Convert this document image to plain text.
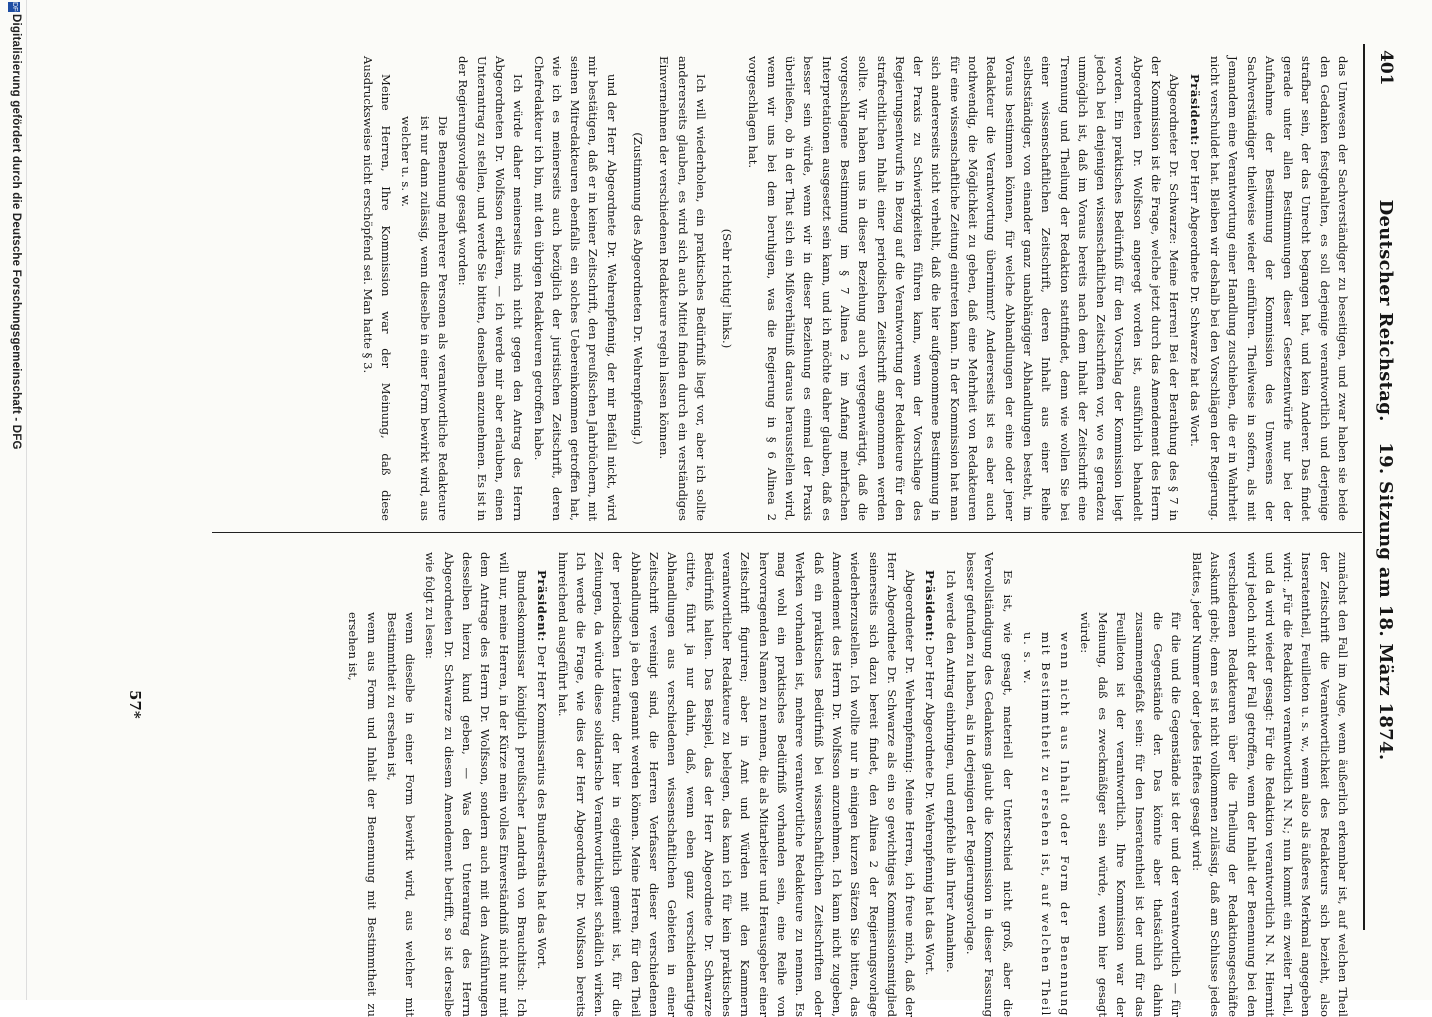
401
Deutscher Reichstag. 19. Sitzung am 18. März 1874.

das Umwesen der Sachverständiger zu beseitigen, und zwar haben sie beide den Gedanken festgehalten, es soll derjenige verantwortlich und derjenige strafbar sein, der das Unrecht begangen hat, und kein Anderer. Das findet gerade unter allen Bestimmungen dieser Gesetzentwürfe nur bei der Aufnahme der Bestimmung der Kommission des Umwesens der Sachverständiger theilweise wieder einführen. Theilweise in sofern, als mit Jemandem eine Verantwortung einer Handlung zuschieben, die er in Wahrheit nicht verschuldet hat. Bleiben wir deshalb bei den Vorschlägen der Regierung.

Präsident: Der Herr Abgeordnete Dr. Schwarze hat das Wort.

Abgeordneter Dr. Schwarze: Meine Herren! Bei der Berathung des § 7 in der Kommission ist die Frage, welche jetzt durch das Amendement des Herrn Abgeordneten Dr. Wolfsson angeregt worden ist, ausführlich behandelt worden. Ein praktisches Bedürfniß für den Vorschlag der Kommission liegt jedoch bei denjenigen wissenschaftlichen Zeitschriften vor, wo es geradezu unmöglich ist, daß im Voraus bereits nach dem Inhalt der Zeitschrift eine Trennung und Theilung der Redaktion stattfindet, denn wie wollen Sie bei einer wissenschaftlichen Zeitschrift, deren Inhalt aus einer Reihe selbstständiger, von einander ganz unabhängiger Abhandlungen besteht, im Voraus bestimmen können, für welche Abhandlungen der eine oder jener Redakteur die Verantwortung übernimmt? Andererseits ist es aber auch nothwendig, die Möglichkeit zu geben, daß eine Mehrheit von Redakteuren für eine wissenschaftliche Zeitung eintreten kann. In der Kommission hat man sich andererseits nicht verhehlt, daß die hier aufgenommene Bestimmung in der Praxis zu Schwierigkeiten führen kann, wenn der Vorschlage des Regierungsentwurfs in Bezug auf die Verantwortung der Redakteure für den strafrechtlichen Inhalt einer periodischen Zeitschrift angenommen werden sollte. Wir haben uns in dieser Beziehung auch vergegenwärtigt, daß die vorgeschlagene Bestimmung im § 7 Alinea 2 im Anfang mehrfachen Interpretationen ausgesetzt sein kann, und ich möchte daher glauben, daß es besser sein würde, wenn wir in dieser Beziehung es einmal der Praxis überließen, ob in der That sich ein Mißverhältniß daraus herausstellen wird, wenn wir uns bei dem beruhigen, was die Regierung in § 6 Alinea 2 vorgeschlagen hat.

(Sehr richtig! links.)

Ich will wiederholen, ein praktisches Bedürfniß liegt vor, aber ich sollte andererseits glauben, es wird sich auch Mittel finden durch ein verständiges Einvernehmen der verschiedenen Redakteure regeln lassen können.

(Zustimmung des Abgeordneten Dr. Wehrenpfennig.)

und der Herr Abgeordnete Dr. Wehrenpfennig, der mir Beifall nickt, wird mir bestätigen, daß er in keiner Zeitschrift, den preußischen Jahrbüchern, mit seinen Mitredakteuren ebenfalls ein solches Uebereinkommen getroffen hat, wie ich es meinerseits auch bezüglich der juristischen Zeitschrift, deren Chefredakteur ich bin, mit den übrigen Redakteuren getroffen habe.

Ich würde daher meinerseits mich nicht gegen den Antrag des Herrn Abgeordneten Dr. Wolfsson erklären, — ich werde mir aber erlauben, einen Unterantrag zu stellen, und werde Sie bitten, denselben anzunehmen. Es ist in der Regierungsvorlage gesagt worden:

Die Benennung mehrerer Personen als verantwortliche Redakteure ist nur dann zulässig, wenn dieselbe in einer Form bewirkt wird, aus welcher u. s. w.

Meine Herren, Ihre Kommission war der Meinung, daß diese Ausdrucksweise nicht erschöpfend sei. Man hatte § 3.

zunächst den Fall im Auge, wenn äußerlich erkennbar ist, auf welchen Theil der Zeitschrift die Verantwortlichkeit des Redakteurs sich bezieht, also Inseratentheil, Feuilleton u. s. w., wenn also als äußeres Merkmal angegeben wird: „Für die Redaktion verantwortlich N. N.; nun kommt ein zweiter Theil, und da wird wieder gesagt: Für die Redaktion verantwortlich N. N. Hiermit wird jedoch nicht der Fall getroffen, wenn der Inhalt der Benennung bei den verschiedenen Redakteuren über die Theilung der Redaktionsgeschäfte Auskunft giebt; denn es ist nicht vollkommen zulässig, daß am Schlusse jedes Blattes, jeder Nummer oder jedes Heftes gesagt wird:

für die und die Gegenstände ist der und der verantwortlich — für die Gegenstände der. Das könnte aber thatsächlich dahin zusammengefaßt sein: für den Inseratentheil ist der und für das Feuilleton ist der verantwortlich. Ihre Kommission war der Meinung, daß es zweckmäßiger sein würde, wenn hier gesagt würde:

wenn nicht aus Inhalt oder Form der Benennung mit Bestimmtheit zu ersehen ist, auf welchen Theil u. s. w.

Es ist, wie gesagt, materiell der Unterschied nicht groß, aber die Vervollständigung des Gedankens glaubt die Kommission in dieser Fassung besser gefunden zu haben, als in derjenigen der Regierungsvorlage.

Ich werde den Antrag einbringen, und empfehle ihn Ihrer Annahme.

Präsident: Der Herr Abgeordnete Dr. Wehrenpfennig hat das Wort.

Abgeordneter Dr. Wehrenpfennig: Meine Herren, ich freue mich, daß der Herr Abgeordnete Dr. Schwarze als ein so gewichtiges Kommissionsmitglied seinerseits sich dazu bereit findet, den Alinea 2 der Regierungsvorlage wiederherzustellen. Ich wollte nur in einigen kurzen Sätzen Sie bitten, das Amendement des Herrn Dr. Wolfsson anzunehmen. Ich kann nicht zugeben, daß ein praktisches Bedürfniß bei wissenschaftlichen Zeitschriften oder Werken vorhanden ist, mehrere verantwortliche Redakteure zu nennen. Es mag wohl ein praktisches Bedürfniß vorhanden sein, eine Reihe von hervorragenden Namen zu nennen, die als Mitarbeiter und Herausgeber einer Zeitschrift figuriren; aber in Amt und Würden mit den Kammern verantwortlicher Redakteure zu belegen, das kann ich für kein praktisches Bedürfniß halten. Das Beispiel, das der Herr Abgeordnete Dr. Schwarze citirte, führt ja nur dahin, daß, wenn eben ganz verschiedenartige Abhandlungen aus verschiedenen wissenschaftlichen Gebieten in einer Zeitschrift vereinigt sind, die Herren Verfasser dieser verschiedenen Abhandlungen ja eben genannt werden können. Meine Herren, für den Theil der periodischen Literatur, der hier in eigentlich gemeint ist, für die Zeitungen, da würde diese solidarische Verantwortlichkeit schädlich wirken. Ich werde die Frage, wie dies der Herr Abgeordnete Dr. Wolfsson bereits hinreichend ausgeführt hat.

Präsident: Der Herr Kommissarius des Bundesraths hat das Wort.

Bundeskommissar königlich preußischer Landrath von Brauchitsch: Ich will nur, meine Herren, in der Kürze mein volles Einverständniß nicht nur mit dem Antrage des Herrn Dr. Wolfsson, sondern auch mit den Ausführungen desselben hierzu kund geben, — Was den Unterantrag des Herrn Abgeordneten Dr. Schwarze zu diesem Amendement betrifft, so ist derselbe wie folgt zu lesen:

wenn dieselbe in einer Form bewirkt wird, aus welcher mit Bestimmtheit zu ersehen ist,

wenn aus Form und Inhalt der Benennung mit Bestimmtheit zu ersehen ist,

57*
DFG
Digitalisierung gefördert durch die Deutsche Forschungsgemeinschaft - DFG
